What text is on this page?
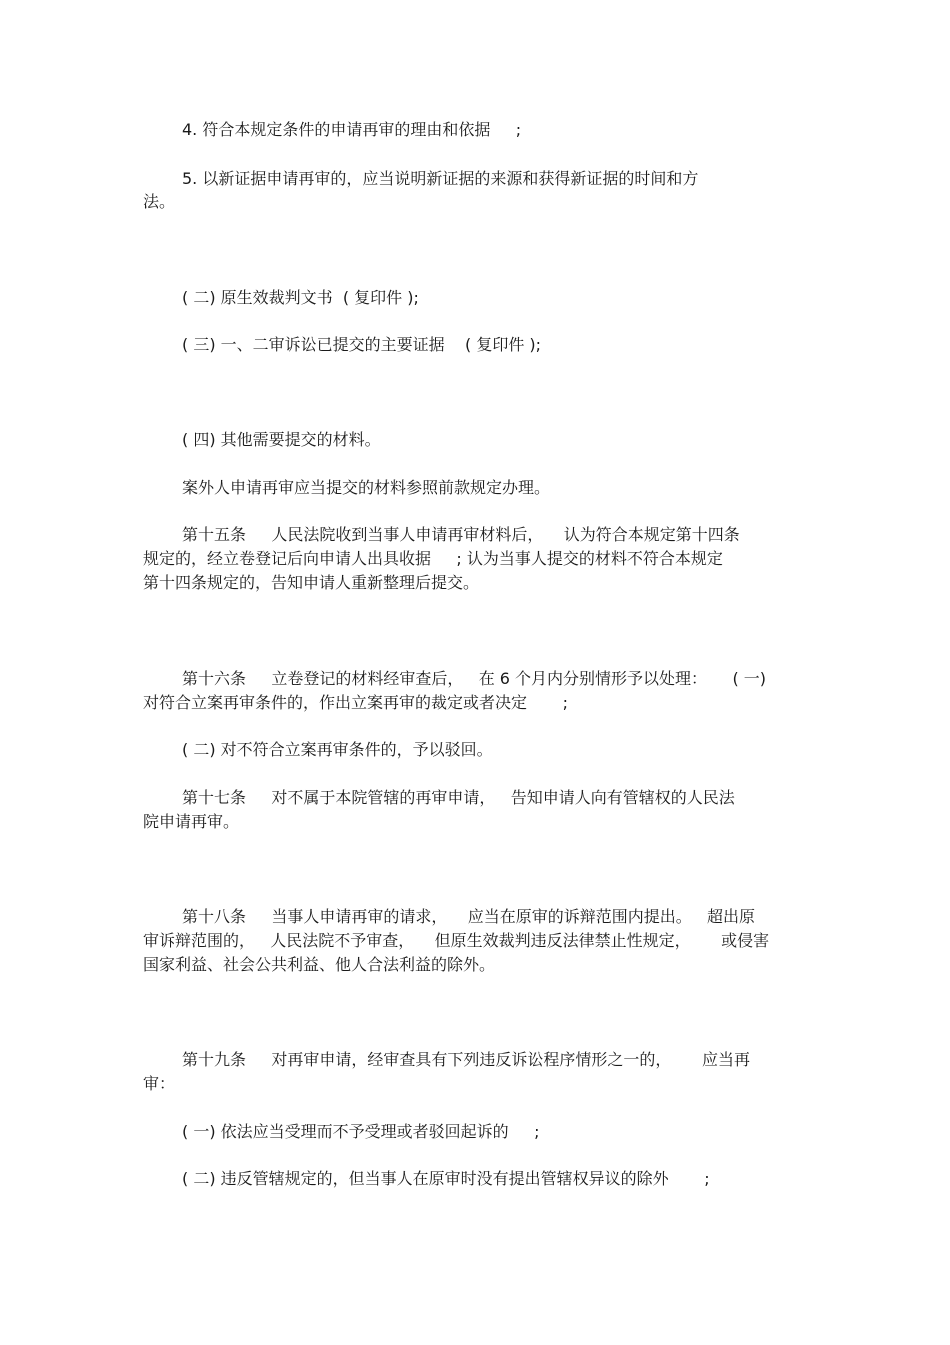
4. 符合本规定条件的申请再审的理由和依据     ;
5. 以新证据申请再审的，应当说明新证据的来源和获得新证据的时间和方
法。
( 二) 原生效裁判文书  ( 复印件 );
( 三) 一、二审诉讼已提交的主要证据    ( 复印件 );
( 四) 其他需要提交的材料。
案外人申请再审应当提交的材料参照前款规定办理。
第十五条     人民法院收到当事人申请再审材料后，    认为符合本规定第十四条
规定的，经立卷登记后向申请人出具收据     ; 认为当事人提交的材料不符合本规定
第十四条规定的，告知申请人重新整理后提交。
第十六条     立卷登记的材料经审查后，   在 6 个月内分别情形予以处理：     ( 一)
对符合立案再审条件的，作出立案再审的裁定或者决定       ;
( 二) 对不符合立案再审条件的，予以驳回。
第十七条     对不属于本院管辖的再审申请，   告知申请人向有管辖权的人民法
院申请再审。
第十八条     当事人申请再审的请求，    应当在原审的诉辩范围内提出。   超出原
审诉辩范围的，   人民法院不予审查，    但原生效裁判违反法律禁止性规定，      或侵害
国家利益、社会公共利益、他人合法利益的除外。
第十九条     对再审申请，经审查具有下列违反诉讼程序情形之一的，      应当再
审：
( 一) 依法应当受理而不予受理或者驳回起诉的     ;
( 二) 违反管辖规定的，但当事人在原审时没有提出管辖权异议的除外       ;
